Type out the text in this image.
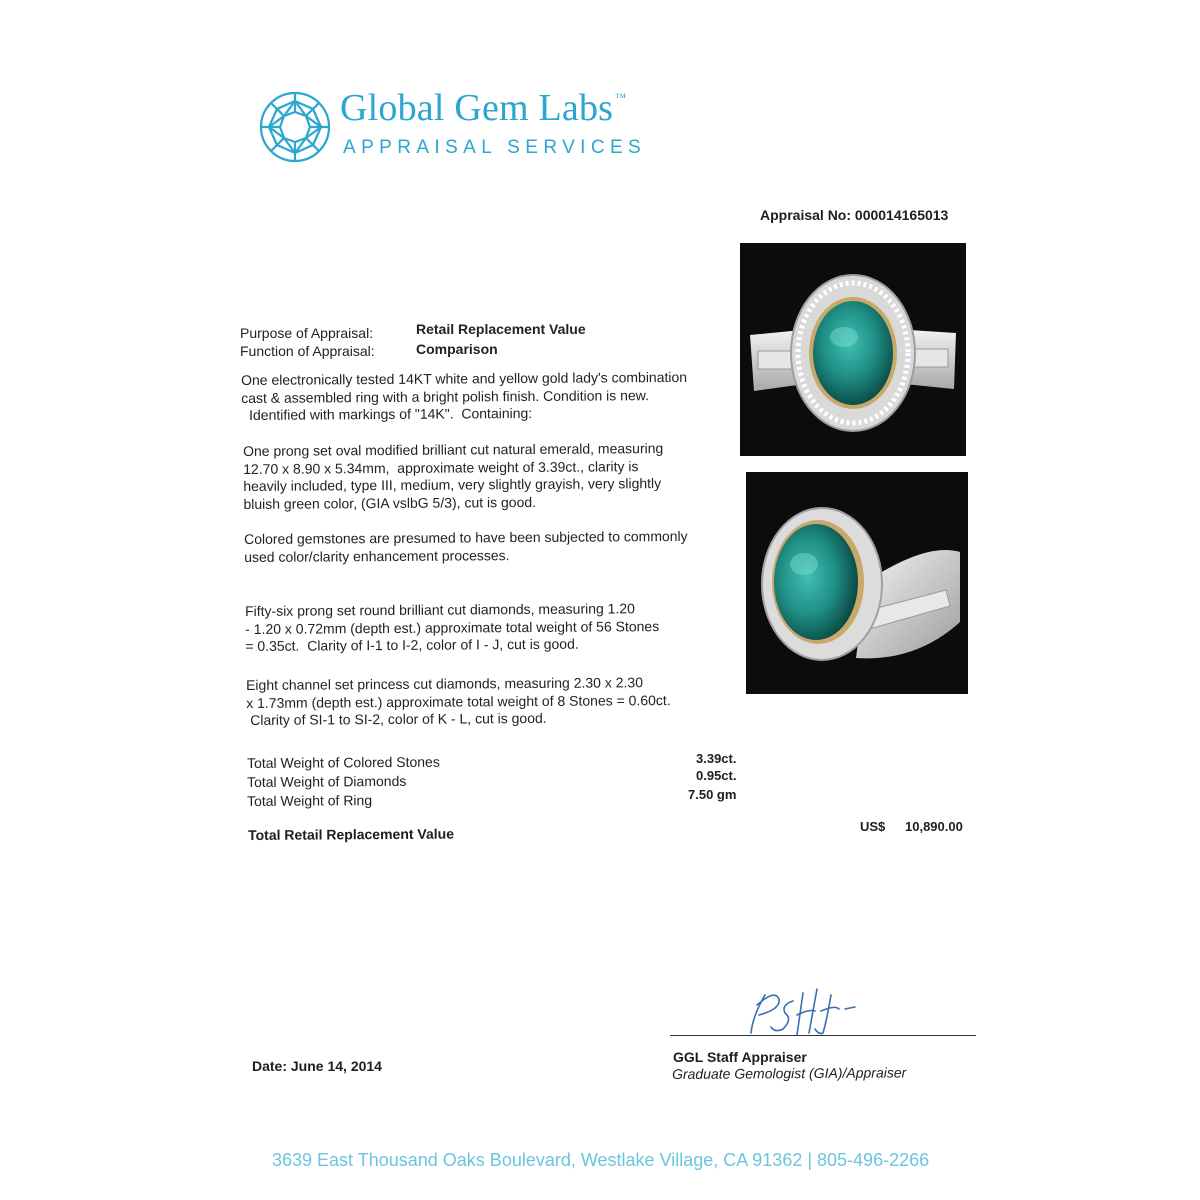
Global Gem Labs ™
APPRAISAL SERVICES
Appraisal No: 000014165013
Purpose of Appraisal:
Function of Appraisal:
Retail Replacement Value
Comparison
One electronically tested 14KT white and yellow gold lady's combination
cast & assembled ring with a bright polish finish. Condition is new.
Identified with markings of "14K".  Containing:
One prong set oval modified brilliant cut natural emerald, measuring
12.70 x 8.90 x 5.34mm,  approximate weight of 3.39ct., clarity is
heavily included, type III, medium, very slightly grayish, very slightly
bluish green color, (GIA vslbG 5/3), cut is good.
Colored gemstones are presumed to have been subjected to commonly
used color/clarity enhancement processes.
Fifty-six prong set round brilliant cut diamonds, measuring 1.20
- 1.20 x 0.72mm (depth est.) approximate total weight of 56 Stones
= 0.35ct.  Clarity of I-1 to I-2, color of I - J, cut is good.
Eight channel set princess cut diamonds, measuring 2.30 x 2.30
x 1.73mm (depth est.) approximate total weight of 8 Stones = 0.60ct.
Clarity of SI-1 to SI-2, color of K - L, cut is good.
Total Weight of Colored Stones
Total Weight of Diamonds
Total Weight of Ring
3.39ct.
0.95ct.
7.50 gm
Total Retail Replacement Value	US$ 10,890.00
GGL Staff Appraiser
Graduate Gemologist (GIA)/Appraiser
Date: June 14, 2014
3639 East Thousand Oaks Boulevard, Westlake Village, CA 91362 | 805-496-2266
